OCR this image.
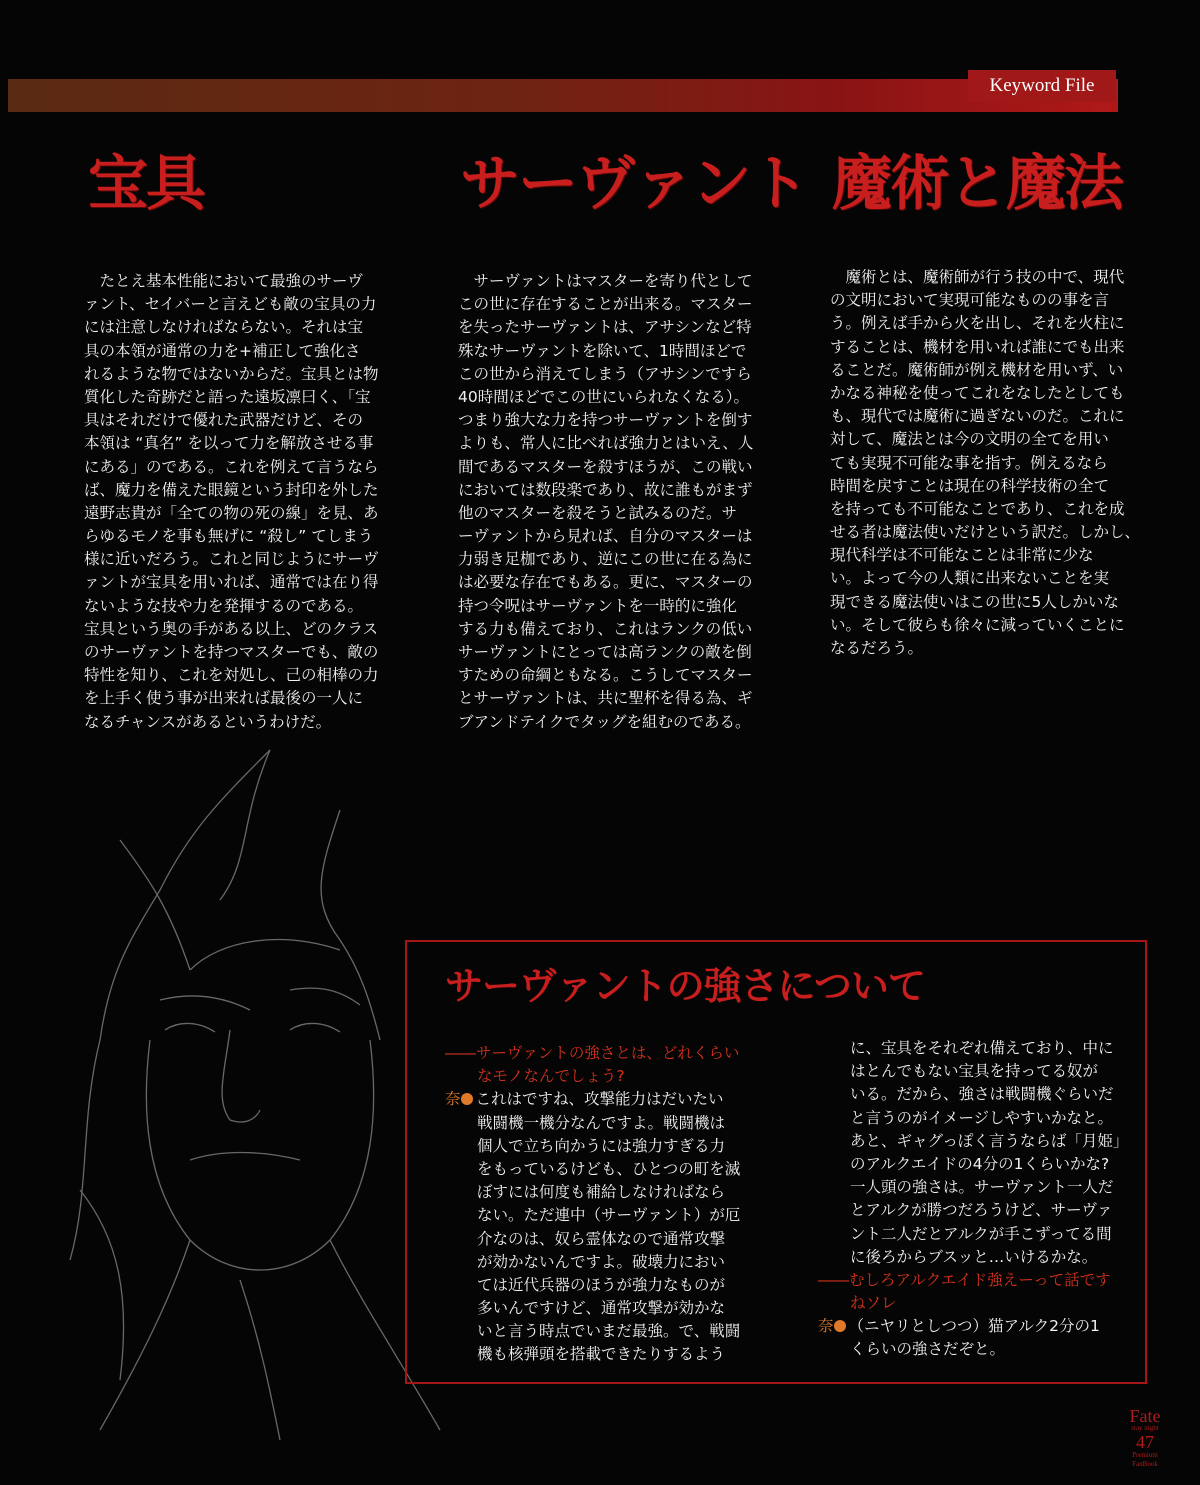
Keyword File
宝具	サーヴァント 魔術と魔法
　たとえ基本性能において最強のサーヴ
ァント、セイバーと言えども敵の宝具の力
には注意しなければならない。それは宝
具の本領が通常の力を+補正して強化さ
れるような物ではないからだ。宝具とは物
質化した奇跡だと語った遠坂凛曰く、「宝
具はそれだけで優れた武器だけど、その
本領は “真名” を以って力を解放させる事
にある」のである。これを例えて言うなら
ば、魔力を備えた眼鏡という封印を外した
遠野志貴が「全ての物の死の線」を見、あ
らゆるモノを事も無げに “殺し” てしまう
様に近いだろう。これと同じようにサーヴ
ァントが宝具を用いれば、通常では在り得
ないような技や力を発揮するのである。
宝具という奥の手がある以上、どのクラス
のサーヴァントを持つマスターでも、敵の
特性を知り、これを対処し、己の相棒の力
を上手く使う事が出来れば最後の一人に
なるチャンスがあるというわけだ。
　サーヴァントはマスターを寄り代として
この世に存在することが出来る。マスター
を失ったサーヴァントは、アサシンなど特
殊なサーヴァントを除いて、1時間ほどで
この世から消えてしまう（アサシンですら
40時間ほどでこの世にいられなくなる）。
つまり強大な力を持つサーヴァントを倒す
よりも、常人に比べれば強力とはいえ、人
間であるマスターを殺すほうが、この戦い
においては数段楽であり、故に誰もがまず
他のマスターを殺そうと試みるのだ。サ
ーヴァントから見れば、自分のマスターは
力弱き足枷であり、逆にこの世に在る為に
は必要な存在でもある。更に、マスターの
持つ令呪はサーヴァントを一時的に強化
する力も備えており、これはランクの低い
サーヴァントにとっては高ランクの敵を倒
すための命綱ともなる。こうしてマスター
とサーヴァントは、共に聖杯を得る為、ギ
ブアンドテイクでタッグを組むのである。
　魔術とは、魔術師が行う技の中で、現代
の文明において実現可能なものの事を言
う。例えば手から火を出し、それを火柱に
することは、機材を用いれば誰にでも出来
ることだ。魔術師が例え機材を用いず、い
かなる神秘を使ってこれをなしたとしても
も、現代では魔術に過ぎないのだ。これに
対して、魔法とは今の文明の全てを用い
ても実現不可能な事を指す。例えるなら
時間を戻すことは現在の科学技術の全て
を持っても不可能なことであり、これを成
せる者は魔法使いだけという訳だ。しかし、
現代科学は不可能なことは非常に少な
い。よって今の人類に出来ないことを実
現できる魔法使いはこの世に5人しかいな
い。そして彼らも徐々に減っていくことに
なるだろう。
サーヴァントの強さについて
――サーヴァントの強さとは、どれくらい
なモノなんでしょう?
奈 これはですね、攻撃能力はだいたい
戦闘機一機分なんですよ。戦闘機は
個人で立ち向かうには強力すぎる力
をもっているけども、ひとつの町を滅
ぼすには何度も補給しなければなら
ない。ただ連中（サーヴァント）が厄
介なのは、奴ら霊体なので通常攻撃
が効かないんですよ。破壊力におい
ては近代兵器のほうが強力なものが
多いんですけど、通常攻撃が効かな
いと言う時点でいまだ最強。で、戦闘
機も核弾頭を搭載できたりするよう
に、宝具をそれぞれ備えており、中に
はとんでもない宝具を持ってる奴が
いる。だから、強さは戦闘機ぐらいだ
と言うのがイメージしやすいかなと。
あと、ギャグっぽく言うならば「月姫」
のアルクエイドの4分の1くらいかな?
一人頭の強さは。サーヴァント一人だ
とアルクが勝つだろうけど、サーヴァ
ント二人だとアルクが手こずってる間
に後ろからブスッと…いけるかな。
――むしろアルクエイド強えーって話です
ねソレ
奈 （ニヤリとしつつ）猫アルク2分の1
くらいの強さだぞと。
Fate
stay night
47
Premium
FanBook
